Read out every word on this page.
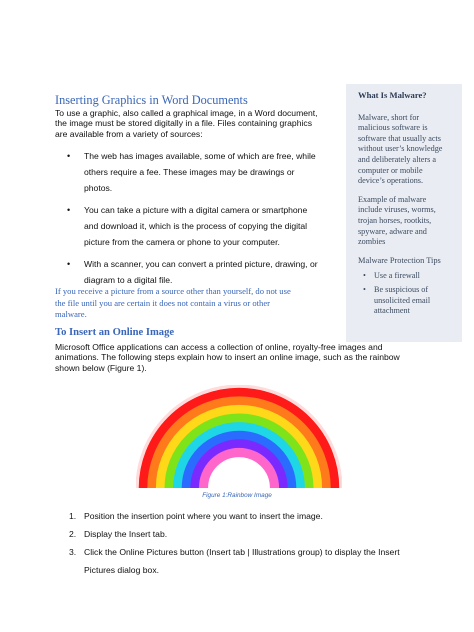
What Is Malware?

Malware, short for
malicious software is
software that usually acts
without user’s knowledge
and deliberately alters a
computer or mobile
device’s operations.

Example of malware
include viruses, worms,
trojan horses, rootkits,
spyware, adware and
zombies

Malware Protection Tips
• Use a firewall
• Be suspicious of
unsolicited email
attachment
Inserting Graphics in Word Documents
To use a graphic, also called a graphical image, in a Word document,
the image must be stored digitally in a file. Files containing graphics
are available from a variety of sources:
• The web has images available, some of which are free, while
others require a fee. These images may be drawings or
photos.
• You can take a picture with a digital camera or smartphone
and download it, which is the process of copying the digital
picture from the camera or phone to your computer.
• With a scanner, you can convert a printed picture, drawing, or
diagram to a digital file.
If you receive a picture from a source other than yourself, do not use
the file until you are certain it does not contain a virus or other
malware.
To Insert an Online Image
Microsoft Office applications can access a collection of online, royalty-free images and
animations. The following steps explain how to insert an online image, such as the rainbow
shown below (Figure 1).
Figure 1:Rainbow Image
1. Position the insertion point where you want to insert the image.
2. Display the Insert tab.
3. Click the Online Pictures button (Insert tab | Illustrations group) to display the Insert
Pictures dialog box.
